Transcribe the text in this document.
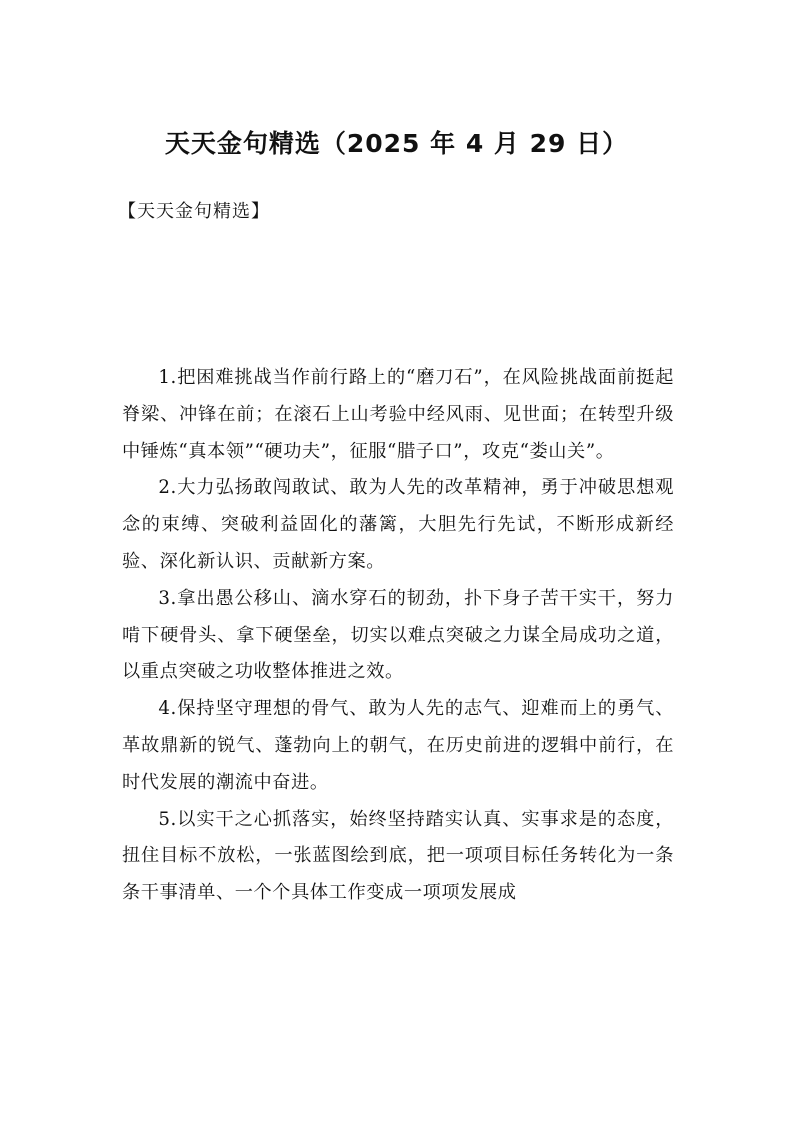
天天金句精选（2025 年 4 月 29 日）
【天天金句精选】

1.把困难挑战当作前行路上的“磨刀石”，在风险挑战面前挺起脊梁、冲锋在前；在滚石上山考验中经风雨、见世面；在转型升级中锤炼“真本领”“硬功夫”，征服“腊子口”，攻克“娄山关”。

2.大力弘扬敢闯敢试、敢为人先的改革精神，勇于冲破思想观念的束缚、突破利益固化的藩篱，大胆先行先试，不断形成新经验、深化新认识、贡献新方案。

3.拿出愚公移山、滴水穿石的韧劲，扑下身子苦干实干，努力啃下硬骨头、拿下硬堡垒，切实以难点突破之力谋全局成功之道，以重点突破之功收整体推进之效。

4.保持坚守理想的骨气、敢为人先的志气、迎难而上的勇气、革故鼎新的锐气、蓬勃向上的朝气，在历史前进的逻辑中前行，在时代发展的潮流中奋进。

5.以实干之心抓落实，始终坚持踏实认真、实事求是的态度，扭住目标不放松，一张蓝图绘到底，把一项项目标任务转化为一条条干事清单、一个个具体工作变成一项项发展成
